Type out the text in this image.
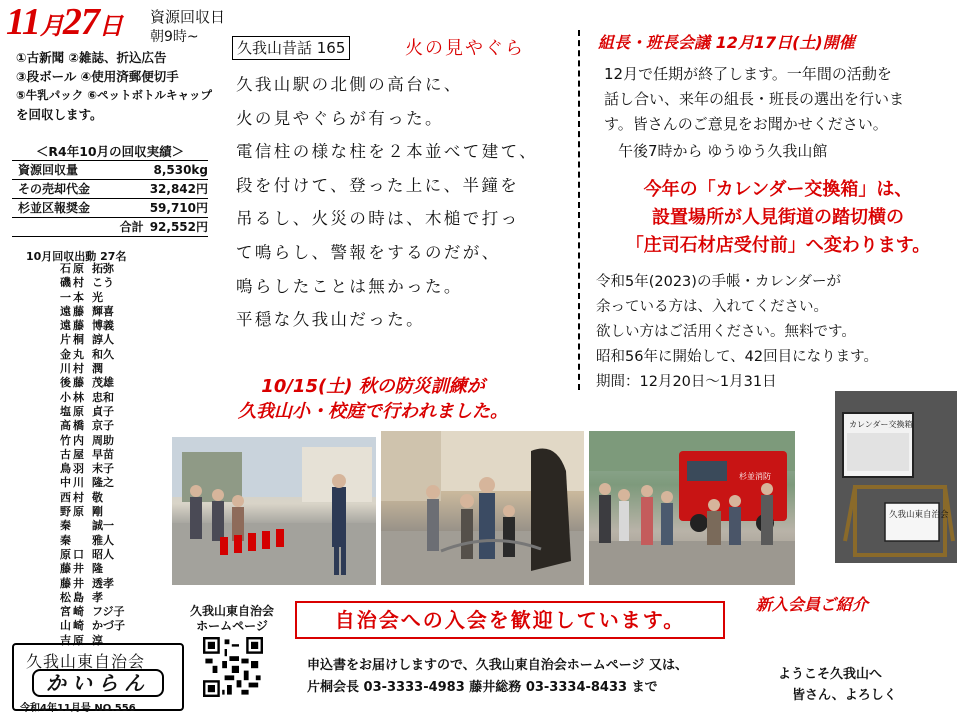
11月27日 資源回収日
朝9時~
①古新聞 ②雑誌、折込広告
③段ボール ④使用済郵便切手
⑤牛乳パック ⑥ペットボトルキャップ
を回収します。
＜R4年10月の回収実績＞
資源回収量	8,530kg
その売却代金	32,842円
杉並区報奨金	59,710円
合計 92,552円
10月回収出動 27名
石原 拓弥
磯村 こう
一本 光
遠藤 輝喜
遠藤 博義
片桐 諄人
金丸 和久
川村 潤
後藤 茂雄
小林 忠和
塩原 貞子
高橋 京子
竹内 周助
古屋 早苗
鳥羽 末子
中川 隆之
西村 敬
野原 剛
秦	誠一
秦	雅人
原口 昭人
藤井 隆
藤井 透孝
松島 孝
宮崎 フジ子
山崎 かづ子
吉原 淳
久我山東自治会
かいらん
令和4年11月号 NO.556
久我山昔話 165	火の見やぐら
久我山駅の北側の高台に、
火の見やぐらが有った。
電信柱の様な柱を２本並べて建て、
段を付けて、登った上に、半鐘を
吊るし、火災の時は、木槌で打っ
て鳴らし、警報をするのだが、
鳴らしたことは無かった。
平穏な久我山だった。
10/15(土) 秋の防災訓練が
久我山小・校庭で行われました。
組長・班長会議 12月17日(土)開催
12月で任期が終了します。一年間の活動を
話し合い、来年の組長・班長の選出を行いま
す。皆さんのご意見をお聞かせください。
午後7時から ゆうゆう久我山館
今年の「カレンダー交換箱」は、
設置場所が人見街道の踏切横の
「庄司石材店受付前」へ変わります。
令和5年(2023)の手帳・カレンダーが
余っている方は、入れてください。
欲しい方はご活用ください。無料です。
昭和56年に開始して、42回目になります。
期間：12月20日～1月31日
杉並消防
カレンダー交換箱
久我山東自治会
自治会への入会を歓迎しています。
新入会員ご紹介
久我山東自治会
ホームページ
申込書をお届けしますので、久我山東自治会ホームページ 又は、
片桐会長 03-3333-4983 藤井総務 03-3334-8433 まで
ようこそ久我山へ
皆さん、よろしく
